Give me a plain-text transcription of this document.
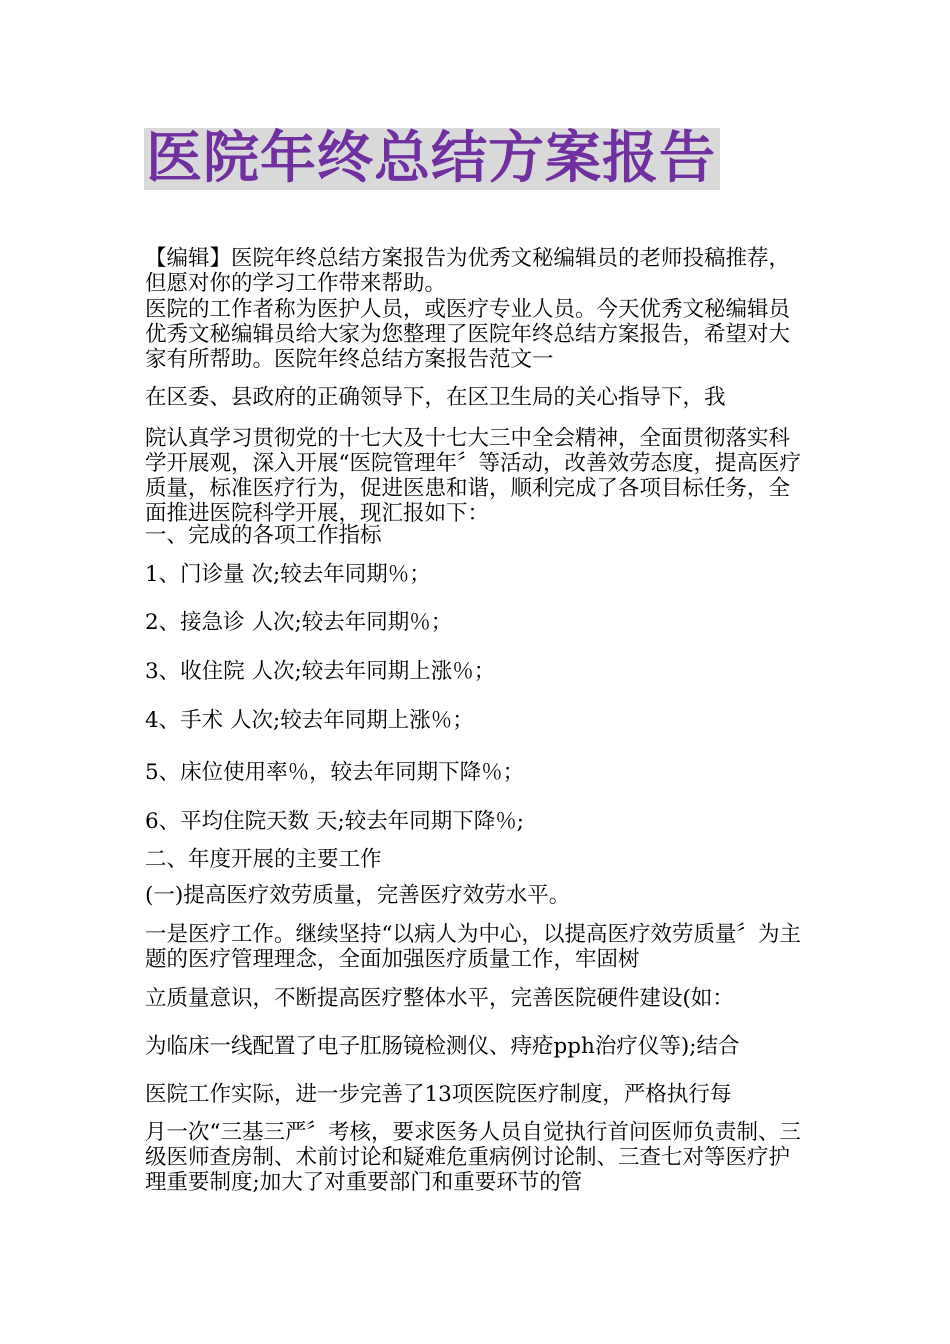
医院年终总结方案报告

【编辑】医院年终总结方案报告为优秀文秘编辑员的老师投稿推荐，但愿对你的学习工作带来帮助。

医院的工作者称为医护人员，或医疗专业人员。今天优秀文秘编辑员优秀文秘编辑员给大家为您整理了医院年终总结方案报告，希望对大家有所帮助。医院年终总结方案报告范文一

在区委、县政府的正确领导下，在区卫生局的关心指导下，我

院认真学习贯彻党的十七大及十七大三中全会精神，全面贯彻落实科学开展观，深入开展“医院管理年〞等活动，改善效劳态度，提高医疗质量，标准医疗行为，促进医患和谐，顺利完成了各项目标任务，全面推进医院科学开展，现汇报如下：

一、完成的各项工作指标

1、门诊量 次;较去年同期％；

2、接急诊 人次;较去年同期％；

3、收住院 人次;较去年同期上涨％；

4、手术 人次;较去年同期上涨％；

5、床位使用率％，较去年同期下降％；

6、平均住院天数 天;较去年同期下降％;

二、年度开展的主要工作

(一)提高医疗效劳质量，完善医疗效劳水平。

一是医疗工作。继续坚持“以病人为中心，以提高医疗效劳质量〞为主题的医疗管理理念，全面加强医疗质量工作，牢固树

立质量意识，不断提高医疗整体水平，完善医院硬件建设(如：

为临床一线配置了电子肛肠镜检测仪、痔疮pph治疗仪等);结合

医院工作实际，进一步完善了13项医院医疗制度，严格执行每

月一次“三基三严〞考核，要求医务人员自觉执行首问医师负责制、三级医师查房制、术前讨论和疑难危重病例讨论制、三查七对等医疗护理重要制度;加大了对重要部门和重要环节的管
